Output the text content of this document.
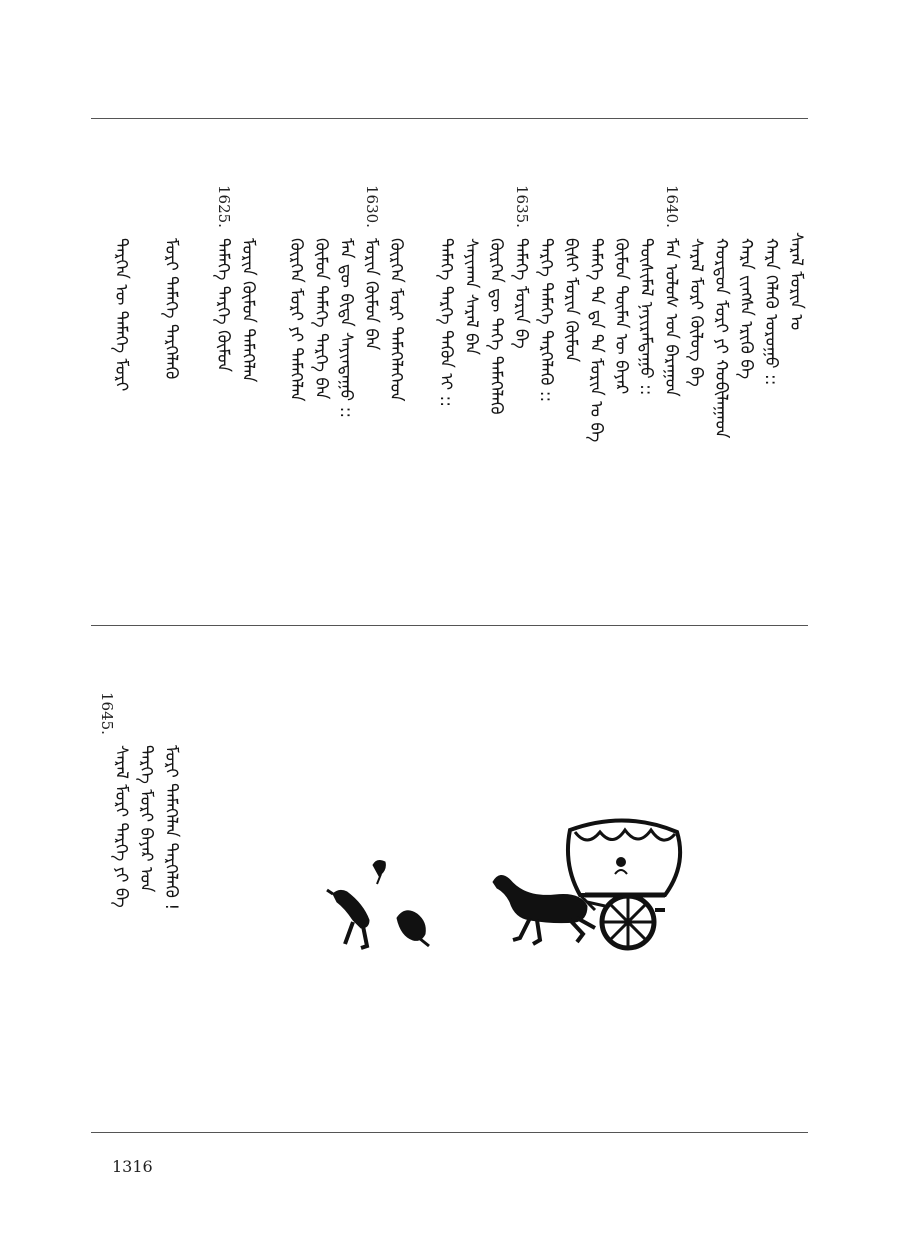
ᠰᠠᠷᠠᠯ ᠮᠣᠷᠢᠨ ᠤ
ᠬᠠᠷᠠ ᠬᠡᠯᠡᠬᠦ ᠤᠷᠤᠭᠤ ::
ᠬᠠᠷᠠ ᠵᠢᠨᠭᠰᠡ ᠡᠷᠢᠭᠦ ᠪᠠ
ᠬᠤᠷᠳᠤᠨ ᠮᠣᠷᠢ ᠶᠢ ᠬᠤᠪᠢᠯᠠᠭᠠᠳ
1640.
ᠰᠠᠷᠠᠯ ᠮᠣᠷᠢ ᠬᠦᠯᠦᠭ ᠪᠠ
ᠮᠠᠨ ᠤᠯᠤᠰ ᠤᠨ ᠪᠠᠷᠠᠭᠤᠨ
ᠲᠦᠰᠢᠮᠡᠯ ᠨᠠᠶᠢᠷᠠᠮᠳᠠᠭᠤ ::
ᠬᠦᠮᠦᠨ ᠲᠦᠮᠡᠨ ᠦ ᠪᠠᠶᠠᠷ
ᠲᠡᠮᠡᠭᠡ ᠲᠡ ᠳᠡ ᠲᠡ ᠮᠣᠷᠢᠨ ᠤ ᠪᠡ
ᠪᠢᠰᠢ ᠮᠣᠷᠢᠨ ᠬᠦᠮᠦᠨ
1635.
ᠲᠡᠷᠭᠡ ᠲᠡᠮᠡᠭᠡ ᠲᠡᠷᠭᠡᠯᠡᠭᠦ ::
ᠲᠡᠮᠡᠭᠡ ᠮᠣᠷᠢᠨ ᠪᠠ
ᠬᠦᠷᠭᠡᠨ ᠳᠦ ᠲᠡᠬᠡ ᠲᠡᠮᠡᠭᠡᠯᠡᠭᠦ
ᠰᠠᠶᠢᠬᠠᠨ ᠰᠠᠷᠠᠯ ᠪᠠᠨ
ᠲᠡᠮᠡᠭᠡ ᠲᠡᠷᠭᠡ ᠲᠡᠭᠦᠨ ᠢ ::
1630.
ᠬᠦᠷᠭᠡᠨ ᠮᠣᠷᠢ ᠲᠡᠮᠡᠭᠡᠯᠡᠭᠡᠳ
ᠮᠣᠷᠢᠨ ᠬᠦᠮᠦᠨ ᠪᠠᠨ
ᠮᠠᠨ ᠳᠦ ᠪᠢᠳᠡ ᠰᠠᠶᠢᠨᠳᠠᠭᠤ ::
ᠬᠦᠮᠦᠨ ᠲᠡᠮᠡᠭᠡ ᠲᠡᠷᠭᠡ ᠪᠠᠨ
ᠬᠦᠷᠭᠡᠨ ᠮᠣᠷᠢ ᠶᠢ ᠲᠡᠮᠡᠭᠡᠯᠡᠨ
1625.
ᠮᠣᠷᠢᠨ ᠬᠦᠮᠦᠨ ᠲᠡᠮᠡᠭᠡᠯᠡᠨ
ᠲᠡᠮᠡᠭᠡ ᠲᠡᠷᠭᠡ ᠬᠦᠮᠦᠨ
ᠮᠣᠷᠢ ᠲᠡᠮᠡᠭᠡ ᠲᠡᠷᠭᠡᠯᠡᠭᠦ
ᠲᠡᠷᠭᠡᠨ ᠦ ᠲᠡᠮᠡᠭᠡ ᠮᠣᠷᠢ
ᠮᠣᠷᠢ ᠲᠡᠮᠡᠭᠡᠯᠡᠨ ᠲᠡᠷᠭᠡᠯᠡᠭᠦ !
ᠲᠡᠷᠭᠡ ᠮᠣᠷᠢ ᠪᠠᠶᠠᠷ ᠤᠨ
1645.
ᠰᠠᠷᠠᠯ ᠮᠣᠷᠢ ᠲᠡᠷᠭᠡ ᠶᠢ ᠪᠠ
1316
